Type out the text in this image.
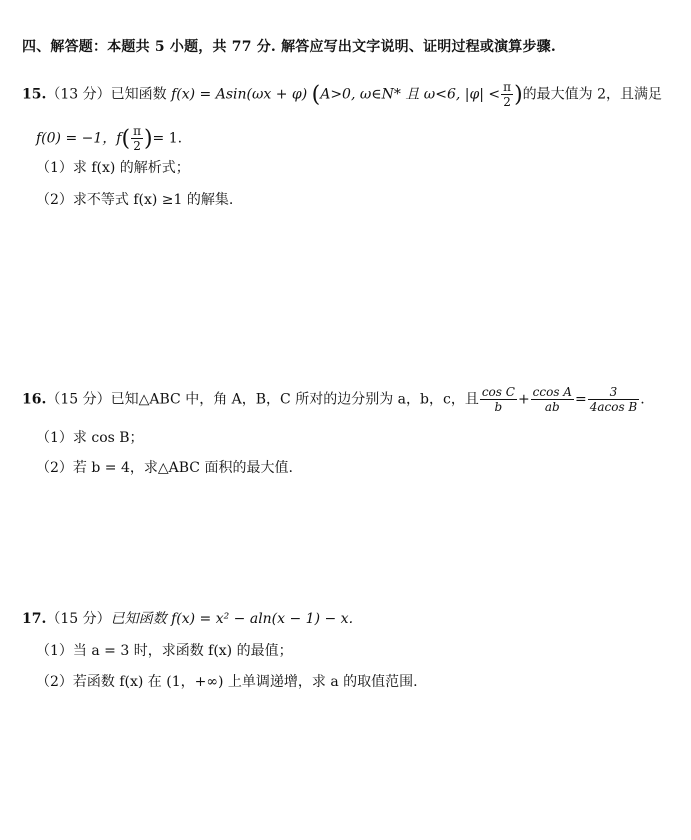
四、解答题：本题共 5 小题，共 77 分. 解答应写出文字说明、证明过程或演算步骤.
15.（13 分）已知函数 f(x) = Asin(ωx + φ) (A>0, ω∈N* 且 ω<6, $|\varphi| < \frac{\pi}{2}$ )的最大值为 2，且满足
f(0) = −1，$f( \frac{\pi}{2}$ )= 1.
（1）求 f(x) 的解析式；
（2）求不等式 f(x) ≥1 的解集.
16.（15 分）已知△ABC 中，角 A，B，C 所对的边分别为 a，b，c，且 $\frac{\text{cos C}}{b} + \frac{\text{ccos A}}{ab} = \frac{3}{\text{4acos B}}$ .
（1）求 cos B；
（2）若 b = 4，求△ABC 面积的最大值.
17.（15 分）已知函数 f(x) = x² − aln(x − 1) − x.
（1）当 a = 3 时，求函数 f(x) 的最值；
（2）若函数 f(x) 在 (1，+∞) 上单调递增，求 a 的取值范围.
